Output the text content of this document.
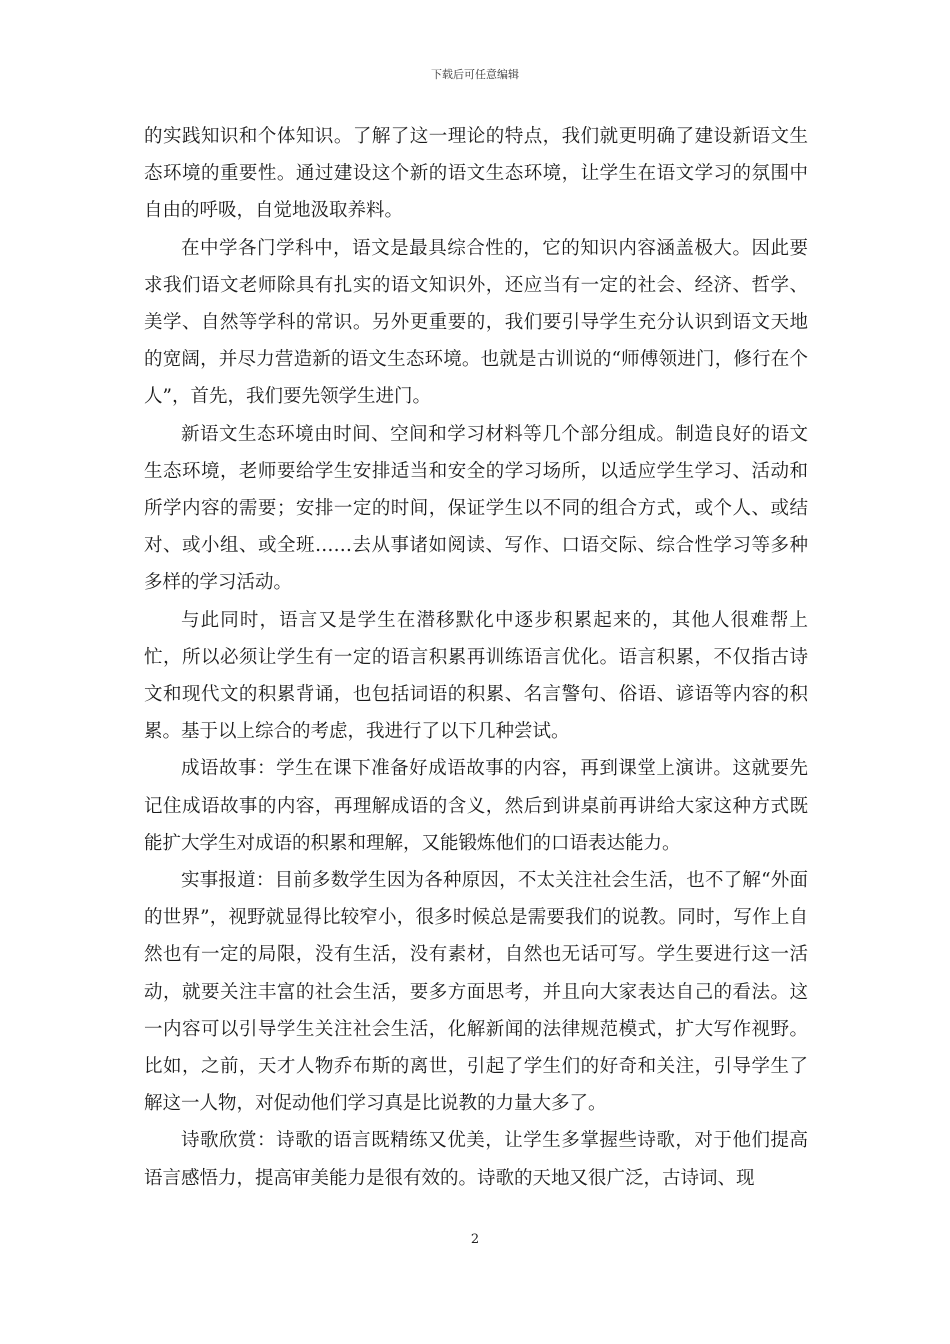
下载后可任意编辑

的实践知识和个体知识。了解了这一理论的特点，我们就更明确了建设新语文生态环境的重要性。通过建设这个新的语文生态环境，让学生在语文学习的氛围中自由的呼吸，自觉地汲取养料。

在中学各门学科中，语文是最具综合性的，它的知识内容涵盖极大。因此要求我们语文老师除具有扎实的语文知识外，还应当有一定的社会、经济、哲学、美学、自然等学科的常识。另外更重要的，我们要引导学生充分认识到语文天地的宽阔，并尽力营造新的语文生态环境。也就是古训说的“师傅领进门，修行在个人”，首先，我们要先领学生进门。

新语文生态环境由时间、空间和学习材料等几个部分组成。制造良好的语文生态环境，老师要给学生安排适当和安全的学习场所，以适应学生学习、活动和所学内容的需要；安排一定的时间，保证学生以不同的组合方式，或个人、或结对、或小组、或全班……去从事诸如阅读、写作、口语交际、综合性学习等多种多样的学习活动。

与此同时，语言又是学生在潜移默化中逐步积累起来的，其他人很难帮上忙，所以必须让学生有一定的语言积累再训练语言优化。语言积累，不仅指古诗文和现代文的积累背诵，也包括词语的积累、名言警句、俗语、谚语等内容的积累。基于以上综合的考虑，我进行了以下几种尝试。

成语故事：学生在课下准备好成语故事的内容，再到课堂上演讲。这就要先记住成语故事的内容，再理解成语的含义，然后到讲桌前再讲给大家这种方式既能扩大学生对成语的积累和理解，又能锻炼他们的口语表达能力。

实事报道：目前多数学生因为各种原因，不太关注社会生活，也不了解“外面的世界”，视野就显得比较窄小，很多时候总是需要我们的说教。同时，写作上自然也有一定的局限，没有生活，没有素材，自然也无话可写。学生要进行这一活动，就要关注丰富的社会生活，要多方面思考，并且向大家表达自己的看法。这一内容可以引导学生关注社会生活，化解新闻的法律规范模式，扩大写作视野。比如，之前，天才人物乔布斯的离世，引起了学生们的好奇和关注，引导学生了解这一人物，对促动他们学习真是比说教的力量大多了。

诗歌欣赏：诗歌的语言既精练又优美，让学生多掌握些诗歌，对于他们提高语言感悟力，提高审美能力是很有效的。诗歌的天地又很广泛，古诗词、现

2
